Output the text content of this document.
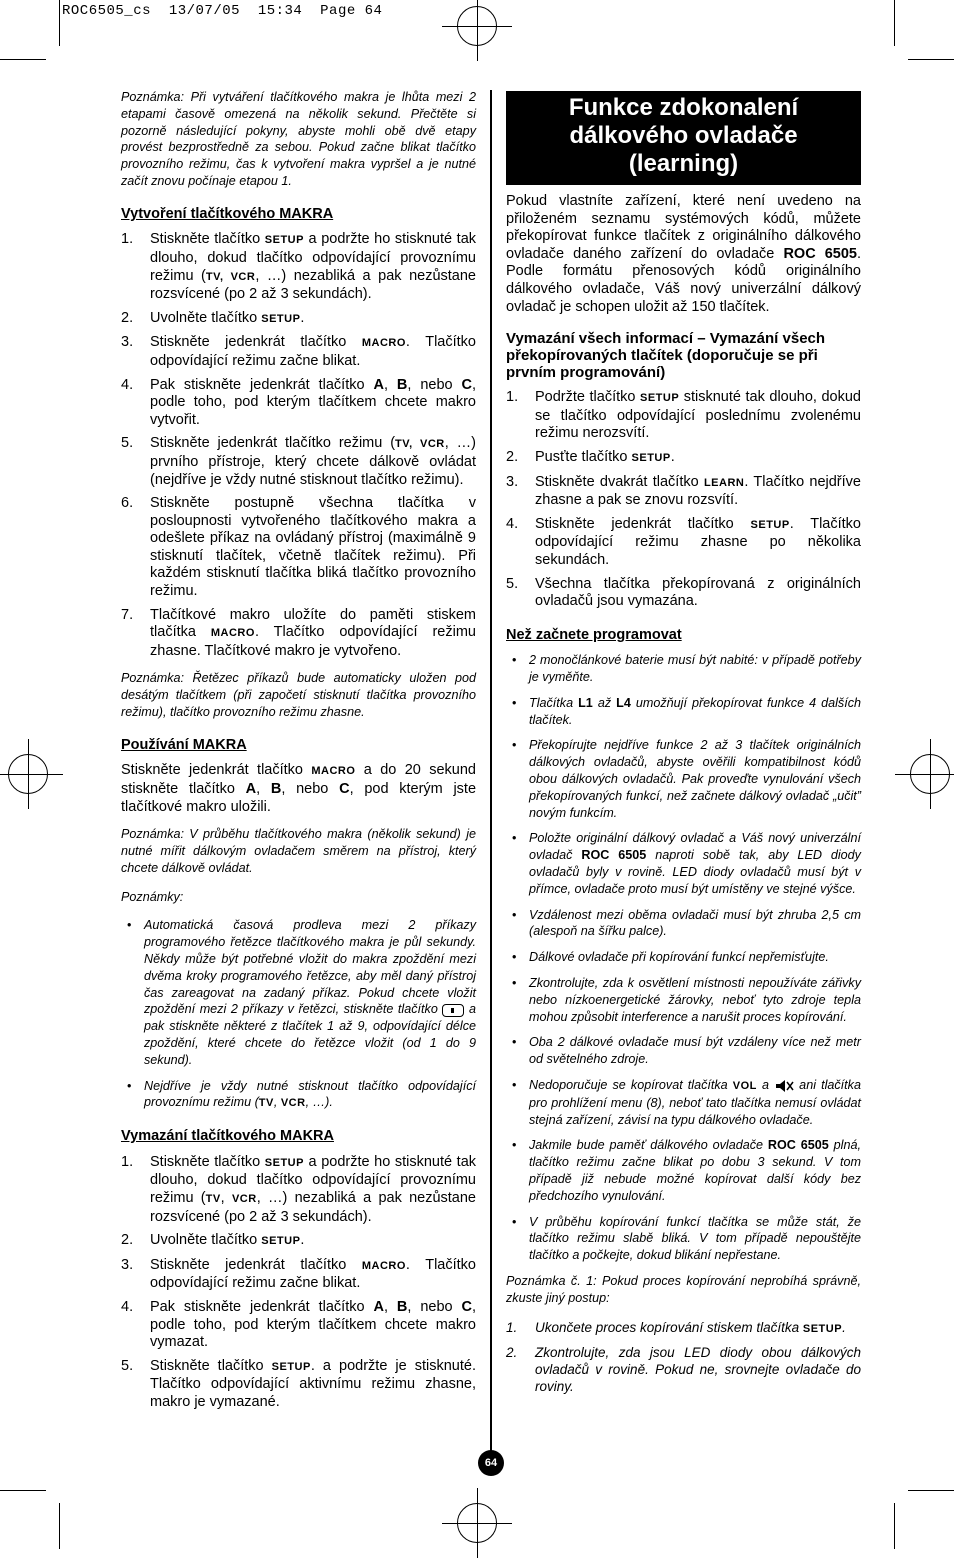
ROC6505_cs  13/07/05  15:34  Page 64

Poznámka: Při vytváření tlačítkového makra je lhůta mezi 2 etapami časově omezená na několik sekund. Přečtěte si pozorně následující pokyny, abyste mohli obě dvě etapy provést bezprostředně za sebou. Pokud začne blikat tlačítko provozního režimu, čas k vytvoření makra vypršel a je nutné začít znovu počínaje etapou 1.

Vytvoření tlačítkového MAKRA
1. Stiskněte tlačítko SETUP a podržte ho stisknuté tak dlouho, dokud tlačítko odpovídající provoznímu režimu (TV, VCR, …) nezabliká a pak nezůstane rozsvícené (po 2 až 3 sekundách).
2. Uvolněte tlačítko SETUP.
3. Stiskněte jedenkrát tlačítko MACRO. Tlačítko odpovídající režimu začne blikat.
4. Pak stiskněte jedenkrát tlačítko A, B, nebo C, podle toho, pod kterým tlačítkem chcete makro vytvořit.
5. Stiskněte jedenkrát tlačítko režimu (TV, VCR, …) prvního přístroje, který chcete dálkově ovládat (nejdříve je vždy nutné stisknout tlačítko režimu).
6. Stiskněte postupně všechna tlačítka v posloupnosti vytvořeného tlačítkového makra a odešlete příkaz na ovládaný přístroj (maximálně 9 stisknutí tlačítek, včetně tlačítek režimu). Při každém stisknutí tlačítka bliká tlačítko provozního režimu.
7. Tlačítkové makro uložíte do paměti stiskem tlačítka MACRO. Tlačítko odpovídající režimu zhasne. Tlačítkové makro je vytvořeno.

Poznámka: Řetězec příkazů bude automaticky uložen pod desátým tlačítkem (při započetí stisknutí tlačítka provozního režimu), tlačítko provozního režimu zhasne.

Používání MAKRA

Stiskněte jedenkrát tlačítko MACRO a do 20 sekund stiskněte tlačítko A, B, nebo C, pod kterým jste tlačítkové makro uložili.

Poznámka: V průběhu tlačítkového makra (několik sekund) je nutné mířit dálkovým ovladačem směrem na přístroj, který chcete dálkově ovládat.

Poznámky:

• Automatická časová prodleva mezi 2 příkazy programového řetězce tlačítkového makra je půl sekundy. Někdy může být potřebné vložit do makra zpoždění mezi dvěma kroky programového řetězce, aby měl daný přístroj čas zareagovat na zadaný příkaz. Pokud chcete vložit zpoždění mezi 2 příkazy v řetězci, stiskněte tlačítko  a pak stiskněte některé z tlačítek 1 až 9, odpovídající délce zpoždění, které chcete do řetězce vložit (od 1 do 9 sekund).
• Nejdříve je vždy nutné stisknout tlačítko odpovídající provoznímu režimu (TV, VCR, …).
Vymazání tlačítkového MAKRA
1. Stiskněte tlačítko SETUP a podržte ho stisknuté tak dlouho, dokud tlačítko odpovídající provoznímu režimu (TV, VCR, …) nezabliká a pak nezůstane rozsvícené (po 2 až 3 sekundách).
2. Uvolněte tlačítko SETUP.
3. Stiskněte jedenkrát tlačítko MACRO. Tlačítko odpovídající režimu začne blikat.
4. Pak stiskněte jedenkrát tlačítko A, B, nebo C, podle toho, pod kterým tlačítkem chcete makro vymazat.
5. Stiskněte tlačítko SETUP. a podržte je stisknuté. Tlačítko odpovídající aktivnímu režimu zhasne, makro je vymazané.
Funkce zdokonalení dálkového ovladače (learning)

Pokud vlastníte zařízení, které není uvedeno na přiloženém seznamu systémových kódů, můžete překopírovat funkce tlačítek z originálního dálkového ovladače daného zařízení do ovladače ROC 6505. Podle formátu přenosových kódů originálního dálkového ovladače, Váš nový univerzální dálkový ovladač je schopen uložit až 150 tlačítek.

Vymazání všech informací – Vymazání všech překopírovaných tlačítek (doporučuje se při prvním programování)
1. Podržte tlačítko SETUP stisknuté tak dlouho, dokud se tlačítko odpovídající poslednímu zvolenému režimu nerozsvítí.
2. Pusťte tlačítko SETUP.
3. Stiskněte dvakrát tlačítko LEARN. Tlačítko nejdříve zhasne a pak se znovu rozsvítí.
4. Stiskněte jedenkrát tlačítko SETUP. Tlačítko odpovídající režimu zhasne po několika sekundách.
5. Všechna tlačítka překopírovaná z originálních ovladačů jsou vymazána.
Než začnete programovat
• 2 monočlánkové baterie musí být nabité: v případě potřeby je vyměňte.
• Tlačítka L1 až L4 umožňují překopírovat funkce 4 dalších tlačítek.
• Překopírujte nejdříve funkce 2 až 3 tlačítek originálních dálkových ovladačů, abyste ověřili kompatibilnost kódů obou dálkových ovladačů. Pak proveďte vynulování všech překopírovaných funkcí, než začnete dálkový ovladač „učit” novým funkcím.
• Položte originální dálkový ovladač a Váš nový univerzální ovladač ROC 6505 naproti sobě tak, aby LED diody ovladačů byly v rovině. LED diody ovladačů musí být v přímce, ovladače proto musí být umístěny ve stejné výšce.
• Vzdálenost mezi oběma ovladači musí být zhruba 2,5 cm (alespoň na šířku palce).
• Dálkové ovladače při kopírování funkcí nepřemisťujte.
• Zkontrolujte, zda k osvětlení místnosti nepoužíváte zářivky nebo nízkoenergetické žárovky, neboť tyto zdroje tepla mohou způsobit interference a narušit proces kopírování.
• Oba 2 dálkové ovladače musí být vzdáleny více než metr od světelného zdroje.
• Nedoporučuje se kopírovat tlačítka VOL a  ani tlačítka pro prohlížení menu (8), neboť tato tlačítka nemusí ovládat stejná zařízení, závisí na typu dálkového ovladače.
• Jakmile bude paměť dálkového ovladače ROC 6505 plná, tlačítko režimu začne blikat po dobu 3 sekund. V tom případě již nebude možné kopírovat další kódy bez předchozího vynulování.
• V průběhu kopírování funkcí tlačítka se může stát, že tlačítko režimu slabě bliká. V tom případě nepouštějte tlačítko a počkejte, dokud blikání nepřestane.

Poznámka č. 1: Pokud proces kopírování neprobíhá správně, zkuste jiný postup:

1. Ukončete proces kopírování stiskem tlačítka SETUP.
2. Zkontrolujte, zda jsou LED diody obou dálkových ovladačů v rovině. Pokud ne, srovnejte ovladače do roviny.
64
